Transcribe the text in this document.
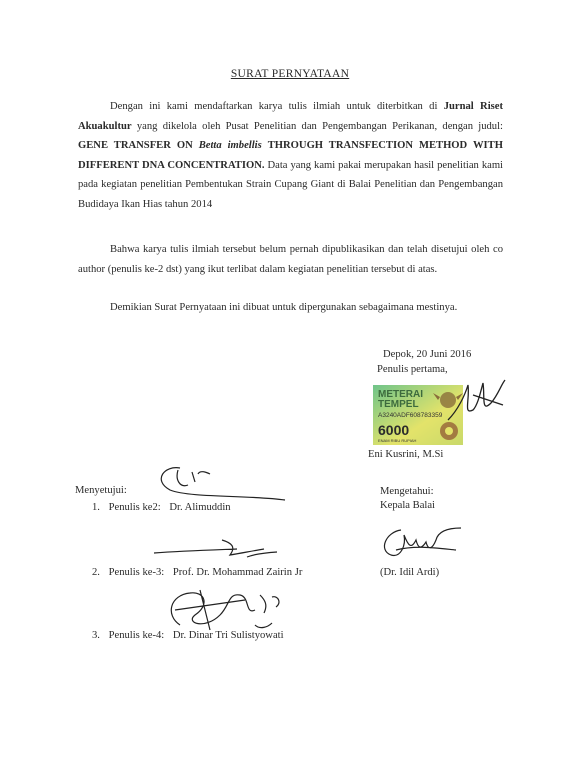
SURAT PERNYATAAN
Dengan ini kami mendaftarkan karya tulis ilmiah untuk diterbitkan di Jurnal Riset Akuakultur yang dikelola oleh Pusat Penelitian dan Pengembangan Perikanan, dengan judul: GENE TRANSFER ON Betta imbellis THROUGH TRANSFECTION METHOD WITH DIFFERENT DNA CONCENTRATION. Data yang kami pakai merupakan hasil penelitian kami pada kegiatan penelitian Pembentukan Strain Cupang Giant di Balai Penelitian dan Pengembangan Budidaya Ikan Hias tahun 2014
Bahwa karya tulis ilmiah tersebut belum pernah dipublikasikan dan telah disetujui oleh co author (penulis ke-2 dst) yang ikut terlibat dalam kegiatan penelitian tersebut di atas.
Demikian Surat Pernyataan ini dibuat untuk dipergunakan sebagaimana mestinya.
Depok, 20 Juni 2016
Penulis pertama,
METERAI
TEMPEL
A3240ADF608783359
6000
ENAM RIBU RUPIAH
Eni Kusrini, M.Si
Menyetujui:
1. Penulis ke2: Dr. Alimuddin
2. Penulis ke-3: Prof. Dr. Mohammad Zairin Jr
3. Penulis ke-4: Dr. Dinar Tri Sulistyowati
Mengetahui:
Kepala Balai
(Dr. Idil Ardi)
